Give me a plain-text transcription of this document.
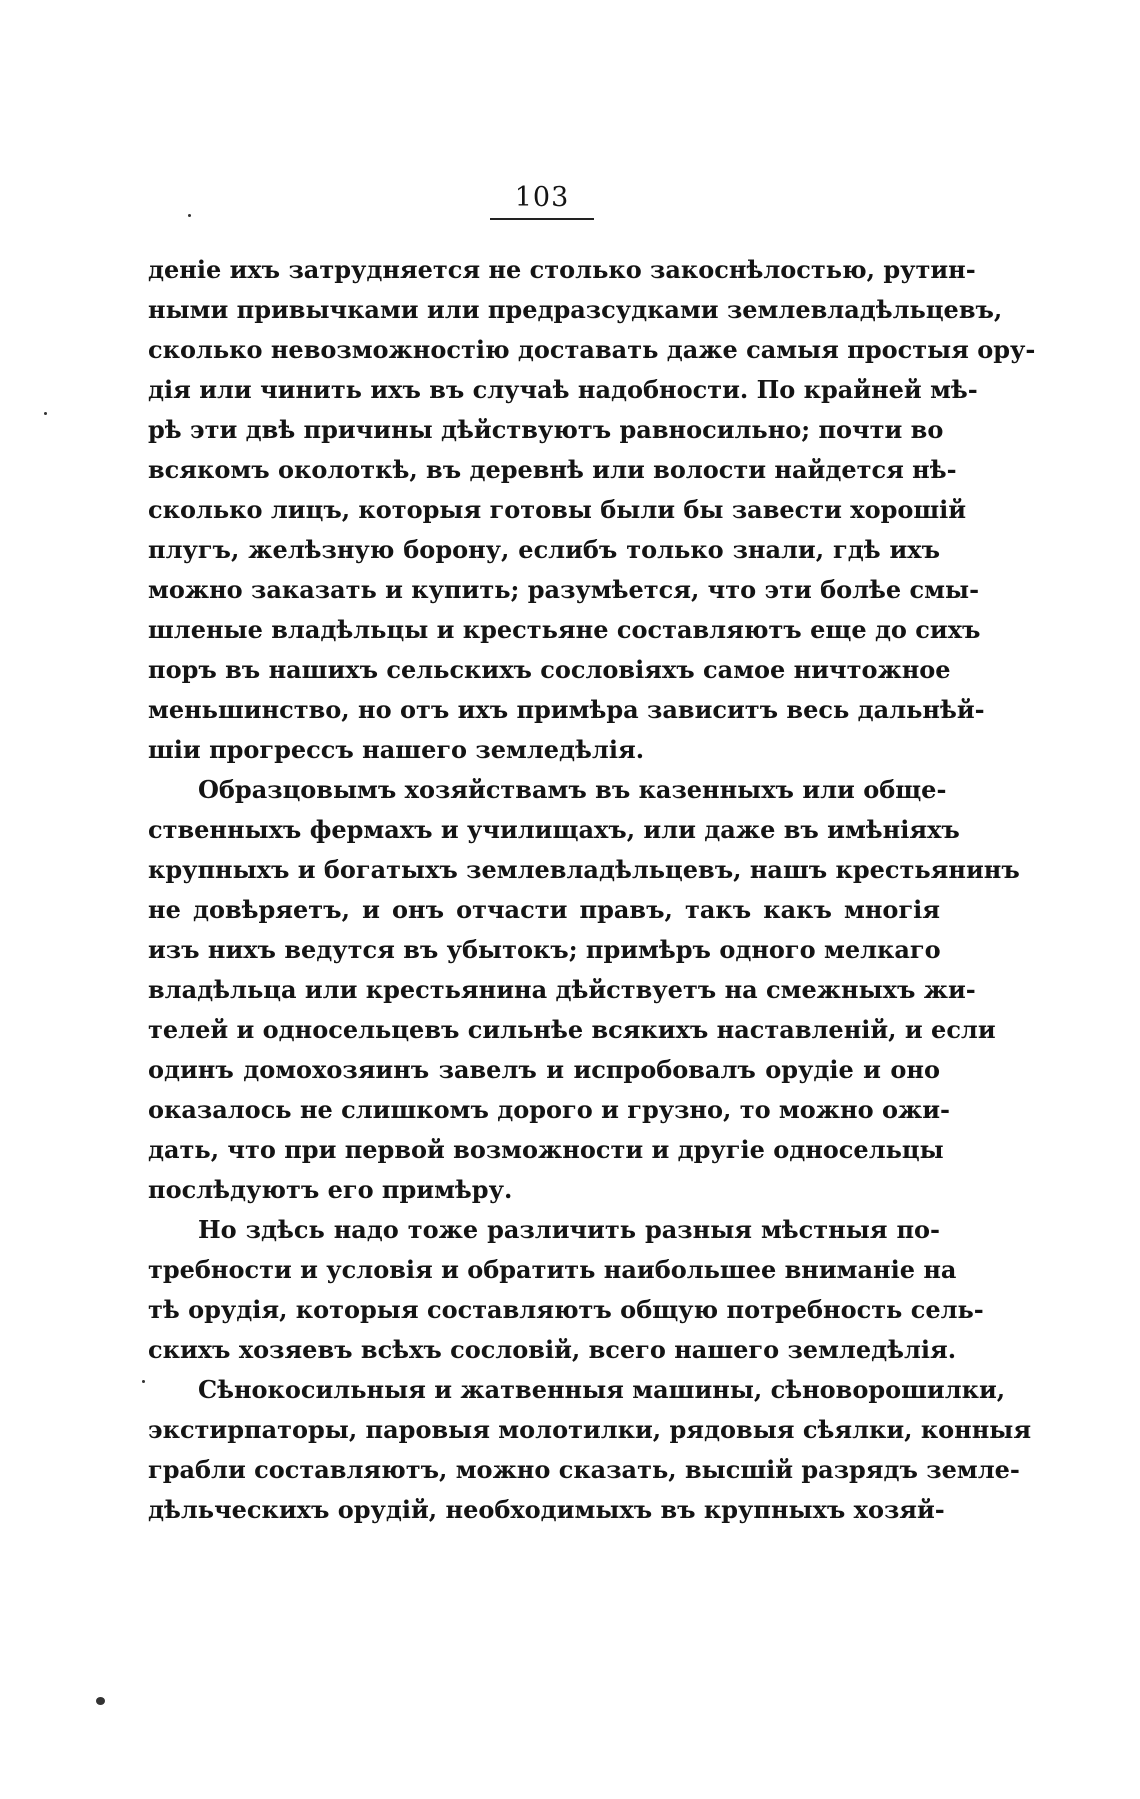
103
деніе ихъ затрудняется не столько закоснѣлостью, рутин-
ными привычками или предразсудками землевладѣльцевъ,
сколько невозможностію доставать даже самыя простыя ору-
дія или чинить ихъ въ случаѣ надобности. По крайней мѣ-
рѣ эти двѣ причины дѣйствуютъ равносильно; почти во
всякомъ околоткѣ, въ деревнѣ или волости найдется нѣ-
сколько лицъ, которыя готовы были бы завести хорошій
плугъ, желѣзную борону, еслибъ только знали, гдѣ ихъ
можно заказать и купить; разумѣется, что эти болѣе смы-
шленые владѣльцы и крестьяне составляютъ еще до сихъ
поръ въ нашихъ сельскихъ сословіяхъ самое ничтожное
меньшинство, но отъ ихъ примѣра зависитъ весь дальнѣй-
шіи прогрессъ нашего земледѣлія.
Образцовымъ хозяйствамъ въ казенныхъ или обще-
ственныхъ фермахъ и училищахъ, или даже въ имѣніяхъ
крупныхъ и богатыхъ землевладѣльцевъ, нашъ крестьянинъ
не довѣряетъ, и онъ отчасти правъ, такъ какъ многія
изъ нихъ ведутся въ убытокъ; примѣръ одного мелкаго
владѣльца или крестьянина дѣйствуетъ на смежныхъ жи-
телей и односельцевъ сильнѣе всякихъ наставленій, и если
одинъ домохозяинъ завелъ и испробовалъ орудіе и оно
оказалось не слишкомъ дорого и грузно, то можно ожи-
дать, что при первой возможности и другіе односельцы
послѣдуютъ его примѣру.
Но здѣсь надо тоже различить разныя мѣстныя по-
требности и условія и обратить наибольшее вниманіе на
тѣ орудія, которыя составляютъ общую потребность сель-
скихъ хозяевъ всѣхъ сословій, всего нашего земледѣлія.
Сѣнокосильныя и жатвенныя машины, сѣноворошилки,
экстирпаторы, паровыя молотилки, рядовыя сѣялки, конныя
грабли составляютъ, можно сказать, высшій разрядъ земле-
дѣльческихъ орудій, необходимыхъ въ крупныхъ хозяй-
